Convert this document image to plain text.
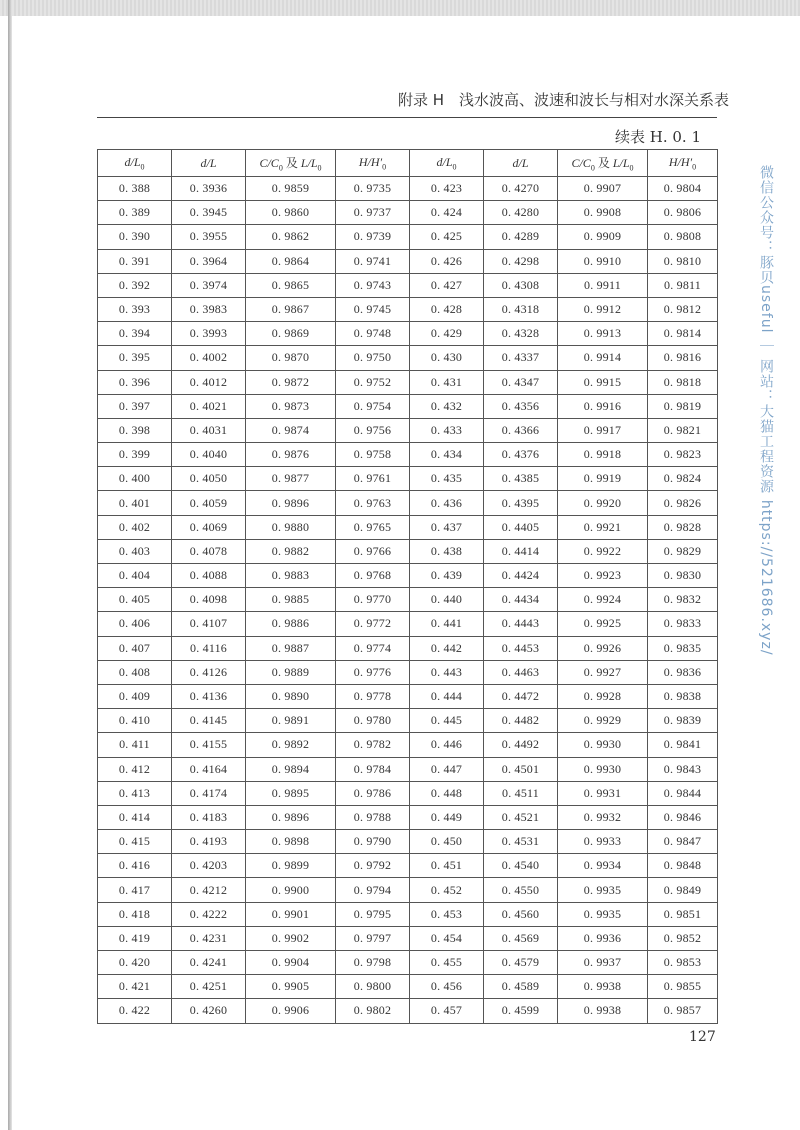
附录 H　浅水波高、波速和波长与相对水深关系表
续表 H. 0. 1
$d/L_0$	d/L	$C/C_0$ 及 $L/L_0$	$H/H'_0$	$d/L_0$	d/L	$C/C_0$ 及 $L/L_0$	$H/H'_0$
0. 388	0. 3936	0. 9859	0. 9735	0. 423	0. 4270	0. 9907	0. 9804
0. 389	0. 3945	0. 9860	0. 9737	0. 424	0. 4280	0. 9908	0. 9806
0. 390	0. 3955	0. 9862	0. 9739	0. 425	0. 4289	0. 9909	0. 9808
0. 391	0. 3964	0. 9864	0. 9741	0. 426	0. 4298	0. 9910	0. 9810
0. 392	0. 3974	0. 9865	0. 9743	0. 427	0. 4308	0. 9911	0. 9811
0. 393	0. 3983	0. 9867	0. 9745	0. 428	0. 4318	0. 9912	0. 9812
0. 394	0. 3993	0. 9869	0. 9748	0. 429	0. 4328	0. 9913	0. 9814
0. 395	0. 4002	0. 9870	0. 9750	0. 430	0. 4337	0. 9914	0. 9816
0. 396	0. 4012	0. 9872	0. 9752	0. 431	0. 4347	0. 9915	0. 9818
0. 397	0. 4021	0. 9873	0. 9754	0. 432	0. 4356	0. 9916	0. 9819
0. 398	0. 4031	0. 9874	0. 9756	0. 433	0. 4366	0. 9917	0. 9821
0. 399	0. 4040	0. 9876	0. 9758	0. 434	0. 4376	0. 9918	0. 9823
0. 400	0. 4050	0. 9877	0. 9761	0. 435	0. 4385	0. 9919	0. 9824
0. 401	0. 4059	0. 9896	0. 9763	0. 436	0. 4395	0. 9920	0. 9826
0. 402	0. 4069	0. 9880	0. 9765	0. 437	0. 4405	0. 9921	0. 9828
0. 403	0. 4078	0. 9882	0. 9766	0. 438	0. 4414	0. 9922	0. 9829
0. 404	0. 4088	0. 9883	0. 9768	0. 439	0. 4424	0. 9923	0. 9830
0. 405	0. 4098	0. 9885	0. 9770	0. 440	0. 4434	0. 9924	0. 9832
0. 406	0. 4107	0. 9886	0. 9772	0. 441	0. 4443	0. 9925	0. 9833
0. 407	0. 4116	0. 9887	0. 9774	0. 442	0. 4453	0. 9926	0. 9835
0. 408	0. 4126	0. 9889	0. 9776	0. 443	0. 4463	0. 9927	0. 9836
0. 409	0. 4136	0. 9890	0. 9778	0. 444	0. 4472	0. 9928	0. 9838
0. 410	0. 4145	0. 9891	0. 9780	0. 445	0. 4482	0. 9929	0. 9839
0. 411	0. 4155	0. 9892	0. 9782	0. 446	0. 4492	0. 9930	0. 9841
0. 412	0. 4164	0. 9894	0. 9784	0. 447	0. 4501	0. 9930	0. 9843
0. 413	0. 4174	0. 9895	0. 9786	0. 448	0. 4511	0. 9931	0. 9844
0. 414	0. 4183	0. 9896	0. 9788	0. 449	0. 4521	0. 9932	0. 9846
0. 415	0. 4193	0. 9898	0. 9790	0. 450	0. 4531	0. 9933	0. 9847
0. 416	0. 4203	0. 9899	0. 9792	0. 451	0. 4540	0. 9934	0. 9848
0. 417	0. 4212	0. 9900	0. 9794	0. 452	0. 4550	0. 9935	0. 9849
0. 418	0. 4222	0. 9901	0. 9795	0. 453	0. 4560	0. 9935	0. 9851
0. 419	0. 4231	0. 9902	0. 9797	0. 454	0. 4569	0. 9936	0. 9852
0. 420	0. 4241	0. 9904	0. 9798	0. 455	0. 4579	0. 9937	0. 9853
0. 421	0. 4251	0. 9905	0. 9800	0. 456	0. 4589	0. 9938	0. 9855
0. 422	0. 4260	0. 9906	0. 9802	0. 457	0. 4599	0. 9938	0. 9857
127
微信公众号：豚贝useful ｜ 网站：大猫工程资源 https://521686.xyz/
